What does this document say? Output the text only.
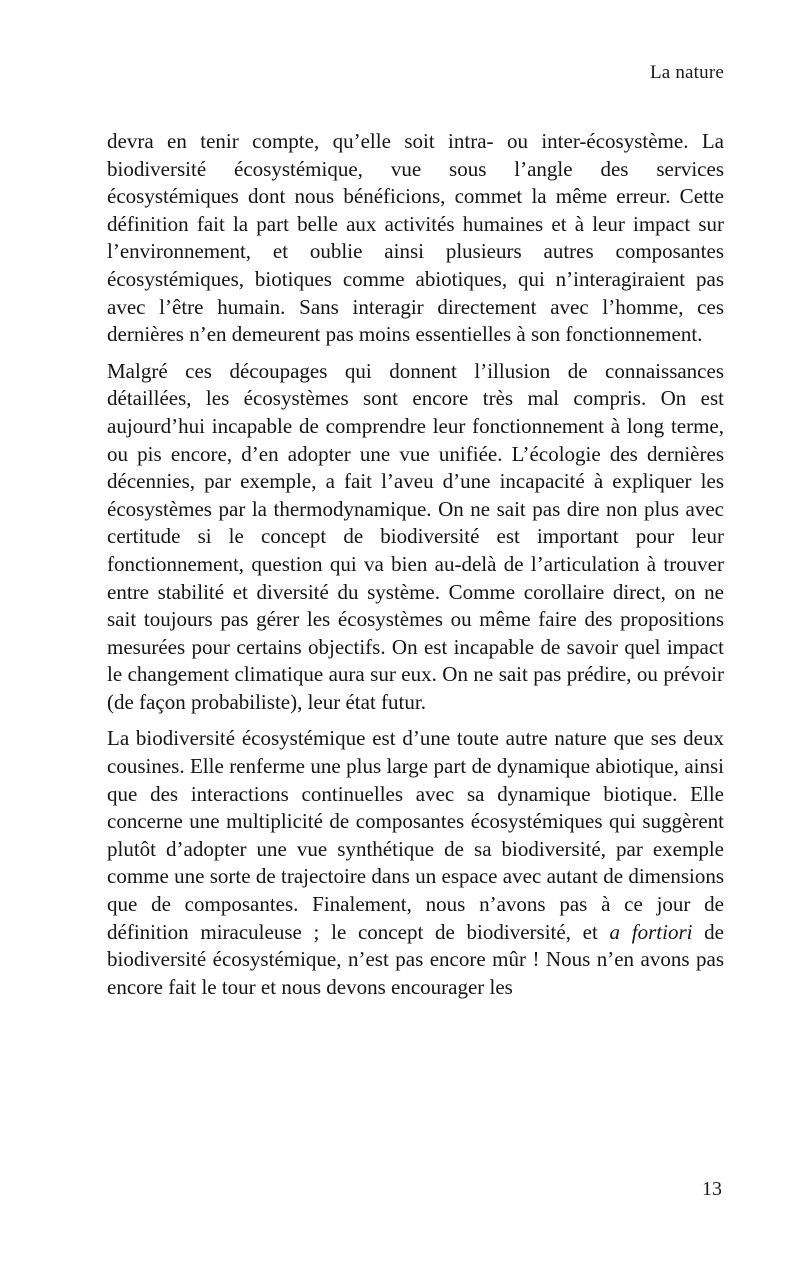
La nature

devra en tenir compte, qu’elle soit intra- ou inter-écosystème. La biodiversité écosystémique, vue sous l’angle des services écosystémiques dont nous bénéficions, commet la même erreur. Cette définition fait la part belle aux activités humaines et à leur impact sur l’environnement, et oublie ainsi plusieurs autres composantes écosystémiques, biotiques comme abiotiques, qui n’interagiraient pas avec l’être humain. Sans interagir directement avec l’homme, ces dernières n’en demeurent pas moins essentielles à son fonctionnement.

Malgré ces découpages qui donnent l’illusion de connaissances détaillées, les écosystèmes sont encore très mal compris. On est aujourd’hui incapable de comprendre leur fonctionnement à long terme, ou pis encore, d’en adopter une vue unifiée. L’écologie des dernières décennies, par exemple, a fait l’aveu d’une incapacité à expliquer les écosystèmes par la thermodynamique. On ne sait pas dire non plus avec certitude si le concept de biodiversité est important pour leur fonctionnement, question qui va bien au-delà de l’articulation à trouver entre stabilité et diversité du système. Comme corollaire direct, on ne sait toujours pas gérer les écosystèmes ou même faire des propositions mesurées pour certains objectifs. On est incapable de savoir quel impact le changement climatique aura sur eux. On ne sait pas prédire, ou prévoir (de façon probabiliste), leur état futur.

La biodiversité écosystémique est d’une toute autre nature que ses deux cousines. Elle renferme une plus large part de dynamique abiotique, ainsi que des interactions continuelles avec sa dynamique biotique. Elle concerne une multiplicité de composantes écosystémiques qui suggèrent plutôt d’adopter une vue synthétique de sa biodiversité, par exemple comme une sorte de trajectoire dans un espace avec autant de dimensions que de composantes. Finalement, nous n’avons pas à ce jour de définition miraculeuse ; le concept de biodiversité, et a fortiori de biodiversité écosystémique, n’est pas encore mûr ! Nous n’en avons pas encore fait le tour et nous devons encourager les

13
